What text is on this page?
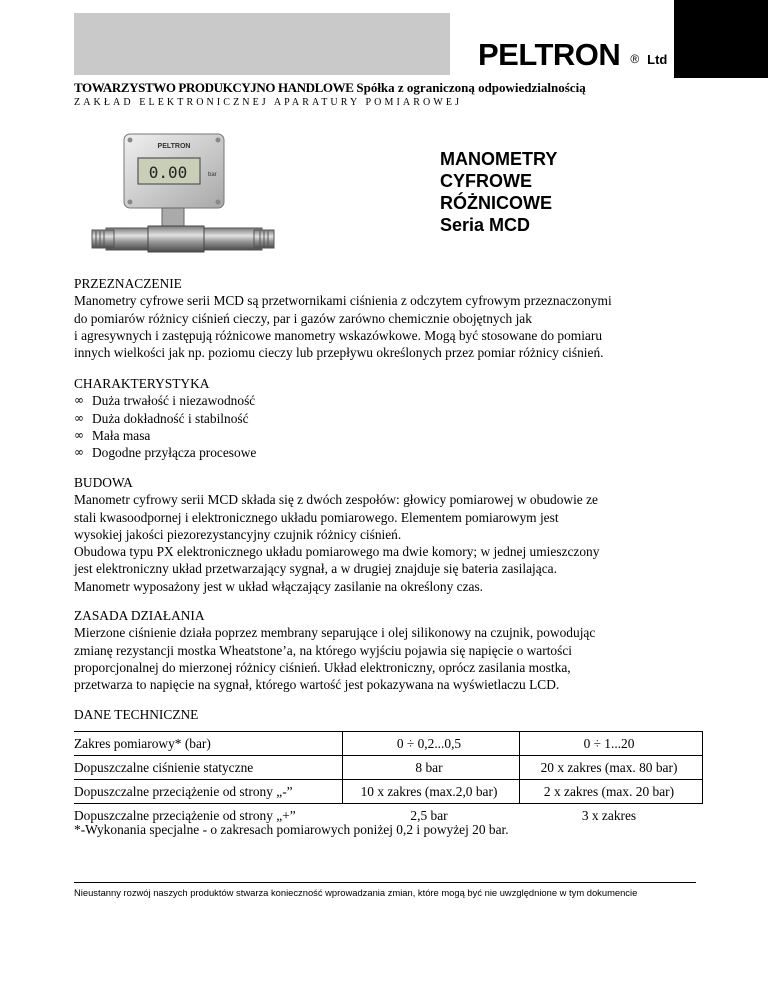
PELTRON ® Ltd
TOWARZYSTWO PRODUKCYJNO HANDLOWE Spółka z ograniczoną odpowiedzialnością
ZAKŁAD ELEKTRONICZNEJ APARATURY POMIAROWEJ
PELTRON
0.00	bar
MANOMETRY
CYFROWE
RÓŻNICOWE
Seria MCD
PRZEZNACZENIE
Manometry cyfrowe serii MCD są przetwornikami ciśnienia z odczytem cyfrowym przeznaczonymi
do pomiarów różnicy ciśnień cieczy, par i gazów zarówno chemicznie obojętnych jak
i agresywnych i zastępują różnicowe manometry wskazówkowe. Mogą być stosowane do pomiaru
innych wielkości jak np. poziomu cieczy lub przepływu określonych przez pomiar różnicy ciśnień.
CHARAKTERYSTYKA
∞ Duża trwałość i niezawodność
∞ Duża dokładność i stabilność
∞ Mała masa
∞ Dogodne przyłącza procesowe
BUDOWA
Manometr cyfrowy serii MCD składa się z dwóch zespołów: głowicy pomiarowej w obudowie ze
stali kwasoodpornej i elektronicznego układu pomiarowego. Elementem pomiarowym jest
wysokiej jakości piezorezystancyjny czujnik różnicy ciśnień.
Obudowa typu PX elektronicznego układu pomiarowego ma dwie komory; w jednej umieszczony
jest elektroniczny układ przetwarzający sygnał, a w drugiej znajduje się bateria zasilająca.
Manometr wyposażony jest w układ włączający zasilanie na określony czas.
ZASADA DZIAŁANIA
Mierzone ciśnienie działa poprzez membrany separujące i olej silikonowy na czujnik, powodując
zmianę rezystancji mostka Wheatstone’a, na którego wyjściu pojawia się napięcie o wartości
proporcjonalnej do mierzonej różnicy ciśnień. Układ elektroniczny, oprócz zasilania mostka,
przetwarza to napięcie na sygnał, którego wartość jest pokazywana na wyświetlaczu LCD.
DANE TECHNICZNE
Zakres pomiarowy* (bar)	0 ÷ 0,2...0,5	0 ÷ 1...20
Dopuszczalne ciśnienie statyczne	8 bar	20 x zakres (max. 80 bar)
Dopuszczalne przeciążenie od strony „-”	10 x zakres (max.2,0 bar)	2 x zakres (max. 20 bar)
Dopuszczalne przeciążenie od strony „+”	2,5 bar	3 x zakres
*-Wykonania specjalne - o zakresach pomiarowych poniżej 0,2 i powyżej 20 bar.
Nieustanny rozwój naszych produktów stwarza konieczność wprowadzania zmian, które mogą być nie uwzględnione w tym dokumencie
